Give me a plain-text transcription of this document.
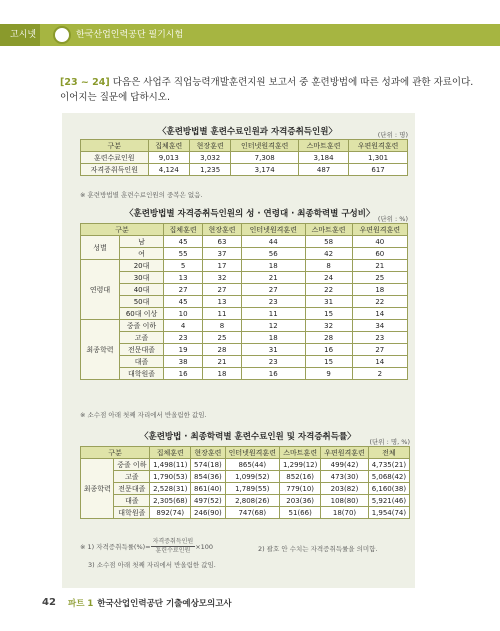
고시넷	한국산업인력공단 필기시험
[23 ~ 24] 다음은 사업주 직업능력개발훈련지원 보고서 중 훈련방법에 따른 성과에 관한 자료이다.
이어지는 질문에 답하시오.
〈훈련방법별 훈련수료인원과 자격증취득인원〉	(단위 : 명)
구분	집체훈련	현장훈련	인터넷원격훈련	스마트훈련	우편원격훈련
훈련수료인원	9,013	3,032	7,308	3,184	1,301
자격증취득인원	4,124	1,235	3,174	487	617
※ 훈련방법별 훈련수료인원의 중복은 없음.
〈훈련방법별 자격증취득인원의 성 · 연령대 · 최종학력별 구성비〉 (단위 : %)
구분		집체훈련	현장훈련	인터넷원격훈련	스마트훈련	우편원격훈련
성별	남	45	63	44	58	40
	여	55	37	56	42	60
연령대	20대	5	17	18	8	21
	30대	13	32	21	24	25
	40대	27	27	27	22	18
	50대	45	13	23	31	22
	60대 이상	10	11	11	15	14
최종학력	중졸 이하	4	8	12	32	34
	고졸	23	25	18	28	23
	전문대졸	19	28	31	16	27
	대졸	38	21	23	15	14
	대학원졸	16	18	16	9	2
※ 소수점 아래 첫째 자리에서 반올림한 값임.
〈훈련방법 · 최종학력별 훈련수료인원 및 자격증취득률〉	(단위 : 명, %)
구분		집체훈련	현장훈련	인터넷원격훈련	스마트훈련	우편원격훈련	전체
최종학력	중졸 이하	1,498(11)	574(18)	865(44)	1,299(12)	499(42)	4,735(21)
	고졸	1,790(53)	854(36)	1,099(52)	852(16)	473(30)	5,068(42)
	전문대졸	2,528(31)	861(40)	1,789(55)	779(10)	203(82)	6,160(38)
	대졸	2,305(68)	497(52)	2,808(26)	203(36)	108(80)	5,921(46)
	대학원졸	892(74)	246(90)	747(68)	51(66)	18(70)	1,954(74)
※ 1) 자격증취득률(%)= $\frac{\text{자격증취득인원}}{\text{훈련수료인원}} \times 100$	2) 괄호 안 수치는 자격증취득률을 의미함.
3) 소수점 아래 첫째 자리에서 반올림한 값임.
42 파트 1 한국산업인력공단 기출예상모의고사
